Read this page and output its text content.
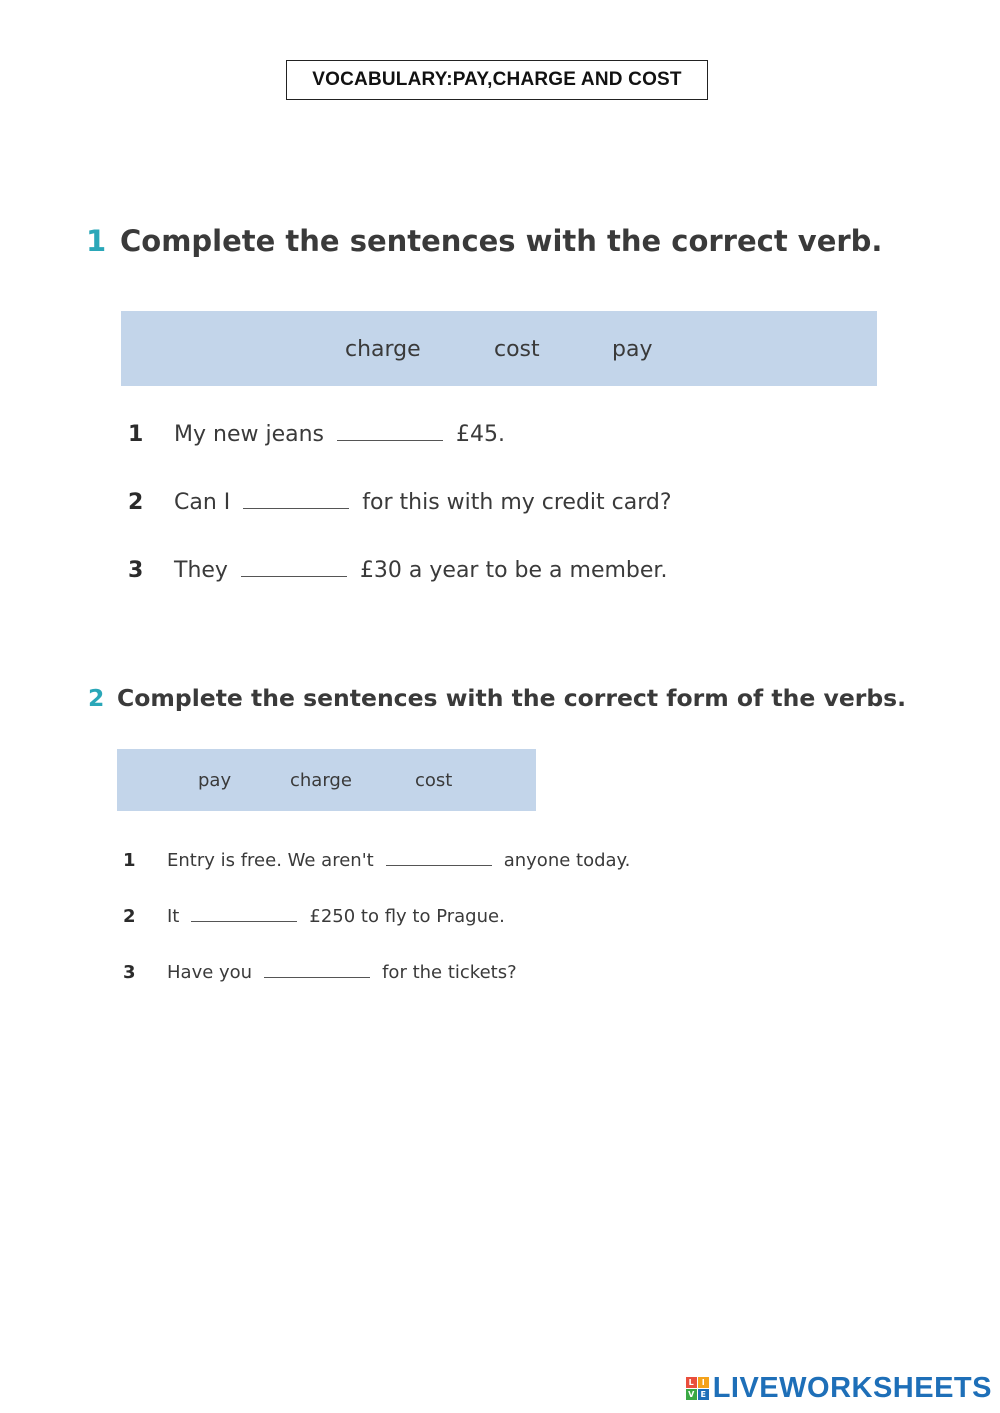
VOCABULARY:PAY,CHARGE AND COST
1 Complete the sentences with the correct verb.
charge	cost	pay
1	My new jeans	£45.
2	Can I	for this with my credit card?
3	They	£30 a year to be a member.
2 Complete the sentences with the correct form of the verbs.
pay	charge	cost
1	Entry is free. We aren't	anyone today.
2	It	£250 to fly to Prague.
3	Have you	for the tickets?
L I
V E LIVEWORKSHEETS
